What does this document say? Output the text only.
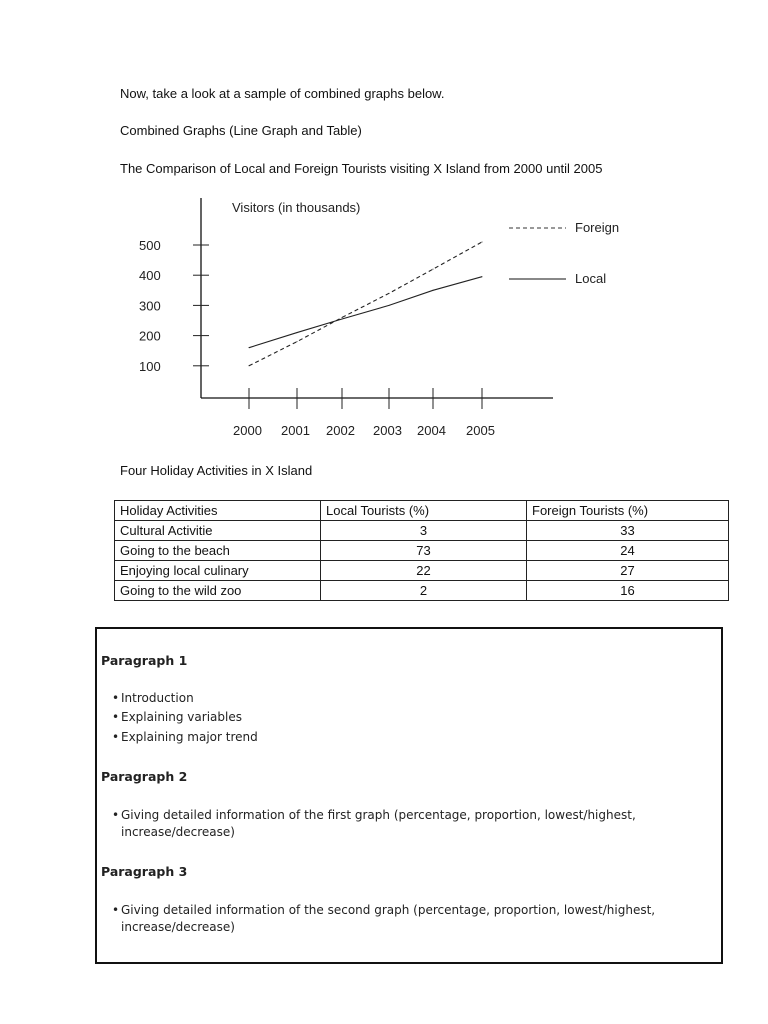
Now, take a look at a sample of combined graphs below.
Combined Graphs (Line Graph and Table)
The Comparison of Local and Foreign Tourists visiting X Island from 2000 until 2005
Visitors (in thousands)
100
200
300
400
500
2000 2001 2002 2003 2004 2005
Foreign
Local
Four Holiday Activities in X Island
Holiday Activities	Local Tourists (%)	Foreign Tourists (%)
Cultural Activitie	3	33
Going to the beach	73	24
Enjoying local culinary	22	27
Going to the wild zoo	2	16
Paragraph 1
• Introduction
• Explaining variables
• Explaining major trend
Paragraph 2
• Giving detailed information of the first graph (percentage, proportion, lowest/highest, increase/decrease)
Paragraph 3
• Giving detailed information of the second graph (percentage, proportion, lowest/highest, increase/decrease)
